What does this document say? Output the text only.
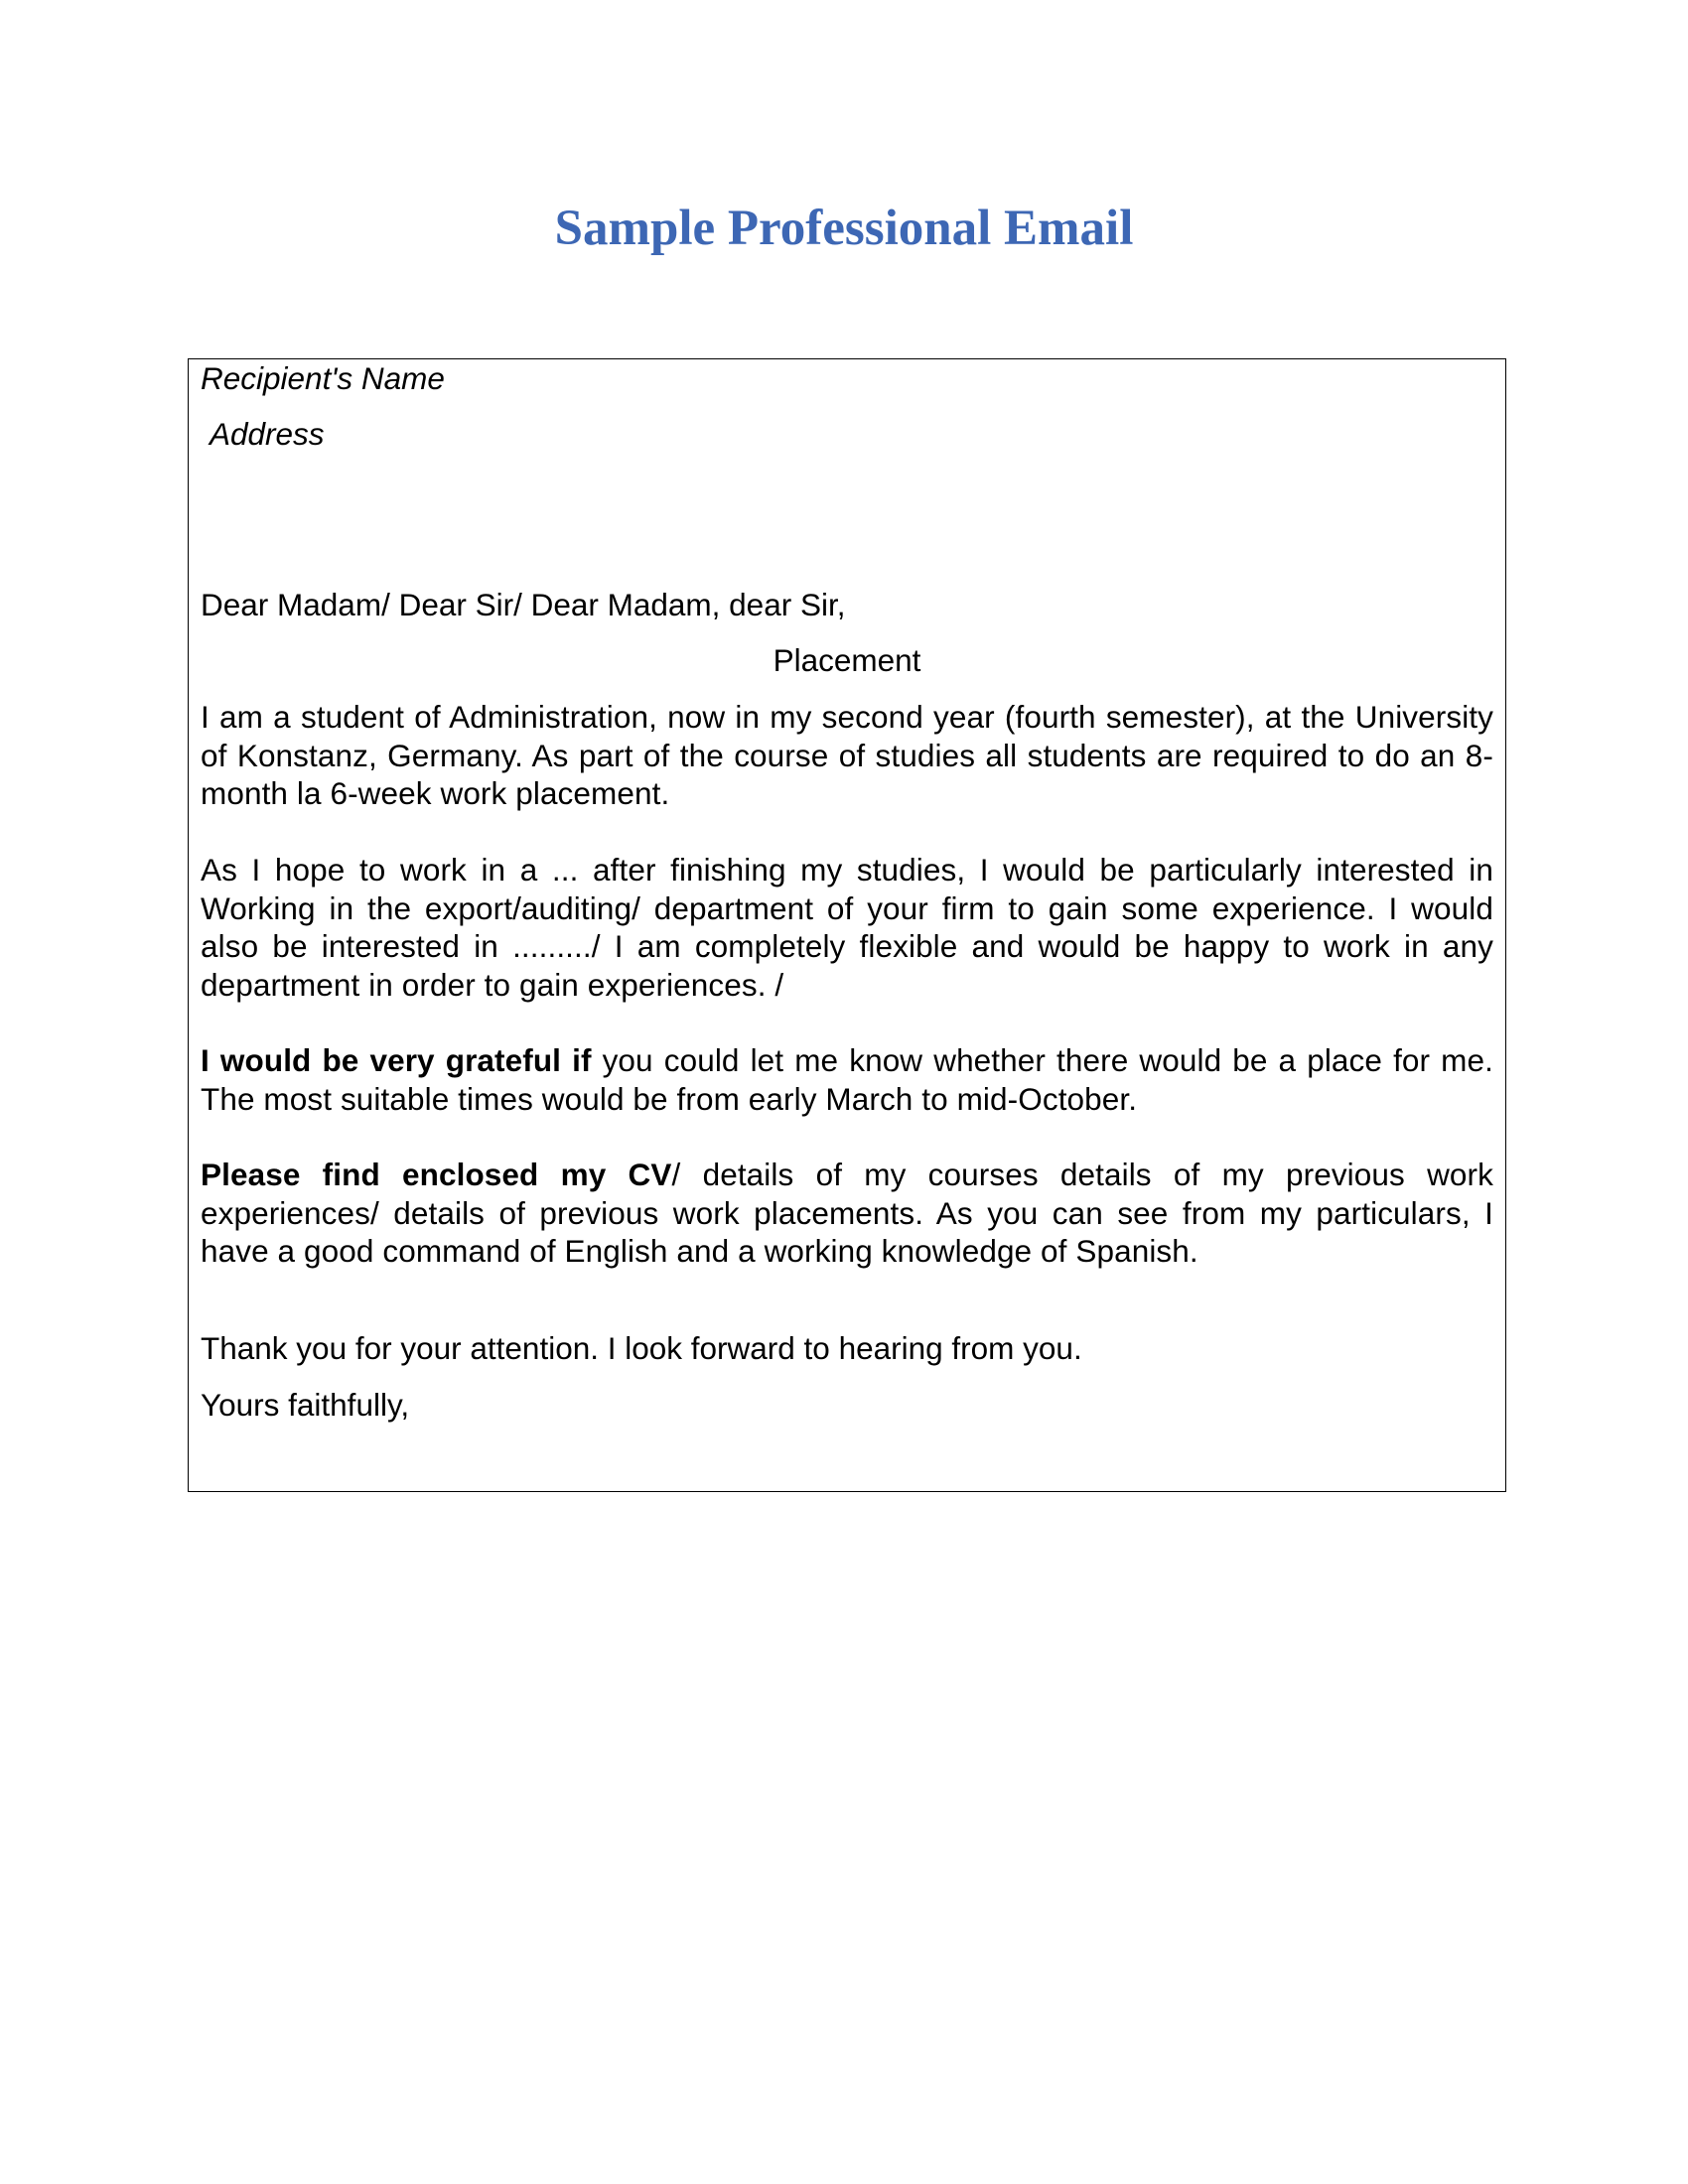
Sample Professional Email

Recipient's Name

Address

Dear Madam/ Dear Sir/ Dear Madam, dear Sir,

Placement

I am a student of Administration, now in my second year (fourth semester), at the University of Konstanz, Germany. As part of the course of studies all students are required to do an 8-month la 6-week work placement.

As I hope to work in a ... after finishing my studies, I would be particularly interested in Working in the export/auditing/ department of your firm to gain some experience. I would also be interested in ........./ I am completely flexible and would be happy to work in any department in order to gain experiences. /

I would be very grateful if you could let me know whether there would be a place for me. The most suitable times would be from early March to mid-October.

Please find enclosed my CV/ details of my courses details of my previous work experiences/ details of previous work placements. As you can see from my particulars, I have a good command of English and a working knowledge of Spanish.

Thank you for your attention. I look forward to hearing from you.

Yours faithfully,
